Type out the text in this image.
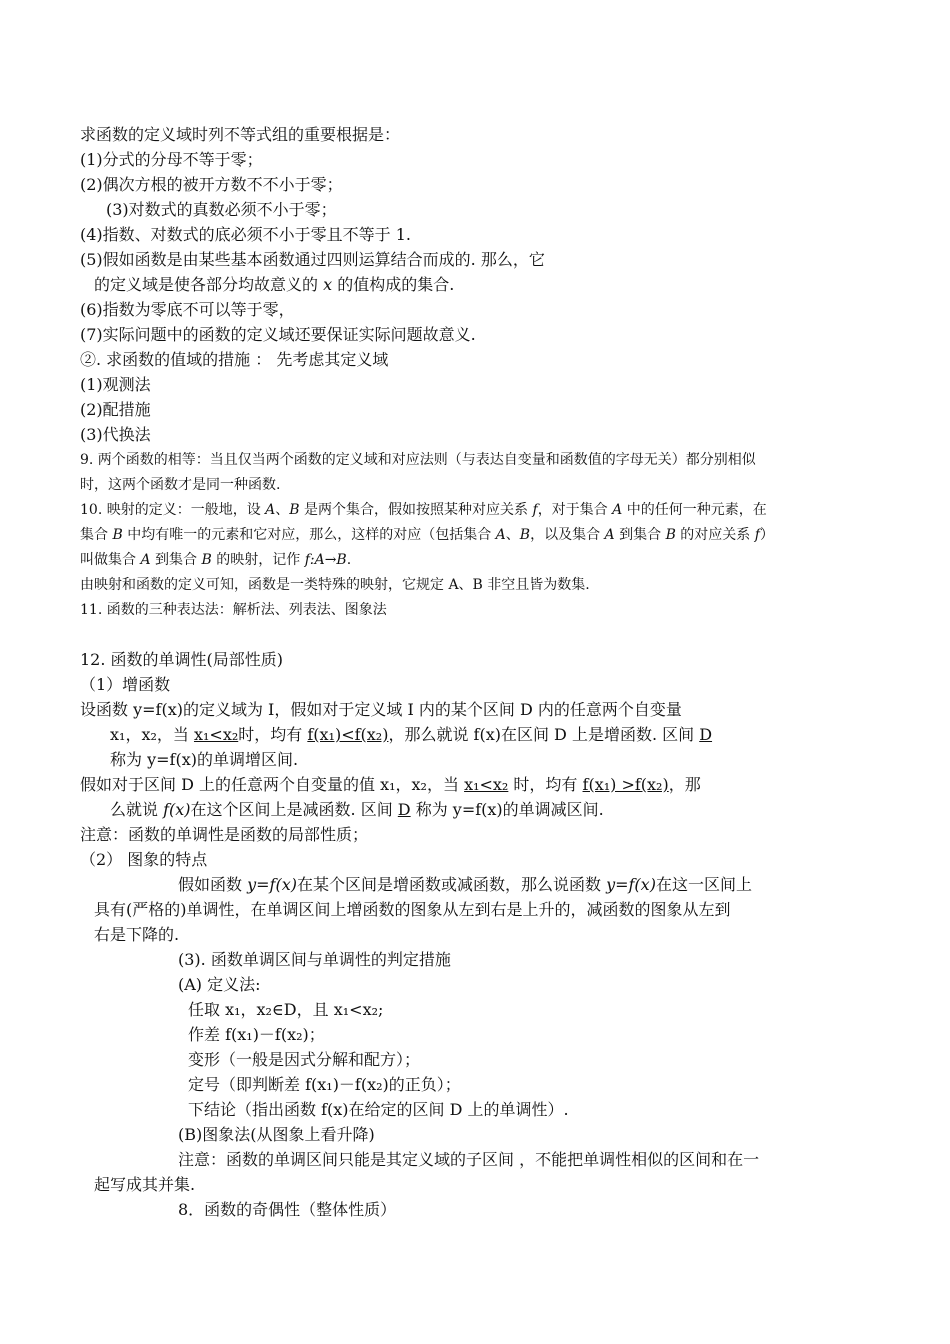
求函数的定义域时列不等式组的重要根据是：
(1)分式的分母不等于零；
(2)偶次方根的被开方数不不小于零；
(3)对数式的真数必须不小于零；
(4)指数、对数式的底必须不小于零且不等于 1.
(5)假如函数是由某些基本函数通过四则运算结合而成的. 那么，它
的定义域是使各部分均故意义的 x 的值构成的集合.
(6)指数为零底不可以等于零，
(7)实际问题中的函数的定义域还要保证实际问题故意义.
②. 求函数的值域的措施 ： 先考虑其定义域
(1)观测法
(2)配措施
(3)代换法
9. 两个函数的相等：当且仅当两个函数的定义域和对应法则（与表达自变量和函数值的字母无关）都分别相似
时，这两个函数才是同一种函数.
10. 映射的定义：一般地，设 A、B 是两个集合，假如按照某种对应关系 f，对于集合 A 中的任何一种元素，在
集合 B 中均有唯一的元素和它对应，那么，这样的对应（包括集合 A、B，以及集合 A 到集合 B 的对应关系 f）
叫做集合 A 到集合 B 的映射，记作 f:A→B.
由映射和函数的定义可知，函数是一类特殊的映射，它规定 A、B 非空且皆为数集.
11. 函数的三种表达法：解析法、列表法、图象法
12. 函数的单调性(局部性质)
（1）增函数
设函数 y=f(x)的定义域为 I，假如对于定义域 I 内的某个区间 D 内的任意两个自变量
x₁，x₂，当 x₁<x₂时，均有 f(x₁)<f(x₂)，那么就说 f(x)在区间 D 上是增函数. 区间 D
称为 y=f(x)的单调增区间.
假如对于区间 D 上的任意两个自变量的值 x₁，x₂，当 x₁<x₂ 时，均有 f(x₁) >f(x₂)，那
么就说 f(x)在这个区间上是减函数. 区间 D 称为 y=f(x)的单调减区间.
注意：函数的单调性是函数的局部性质；
（2） 图象的特点
假如函数 y=f(x)在某个区间是增函数或减函数，那么说函数 y=f(x)在这一区间上
具有(严格的)单调性，在单调区间上增函数的图象从左到右是上升的，减函数的图象从左到
右是下降的.
(3). 函数单调区间与单调性的判定措施
(A) 定义法:
任取 x₁，x₂∈D，且 x₁<x₂;
作差 f(x₁)－f(x₂)；
变形（一般是因式分解和配方）；
定号（即判断差 f(x₁)－f(x₂)的正负）；
下结论（指出函数 f(x)在给定的区间 D 上的单调性）.
(B)图象法(从图象上看升降)
注意：函数的单调区间只能是其定义域的子区间 ，不能把单调性相似的区间和在一
起写成其并集.
8．函数的奇偶性（整体性质）
